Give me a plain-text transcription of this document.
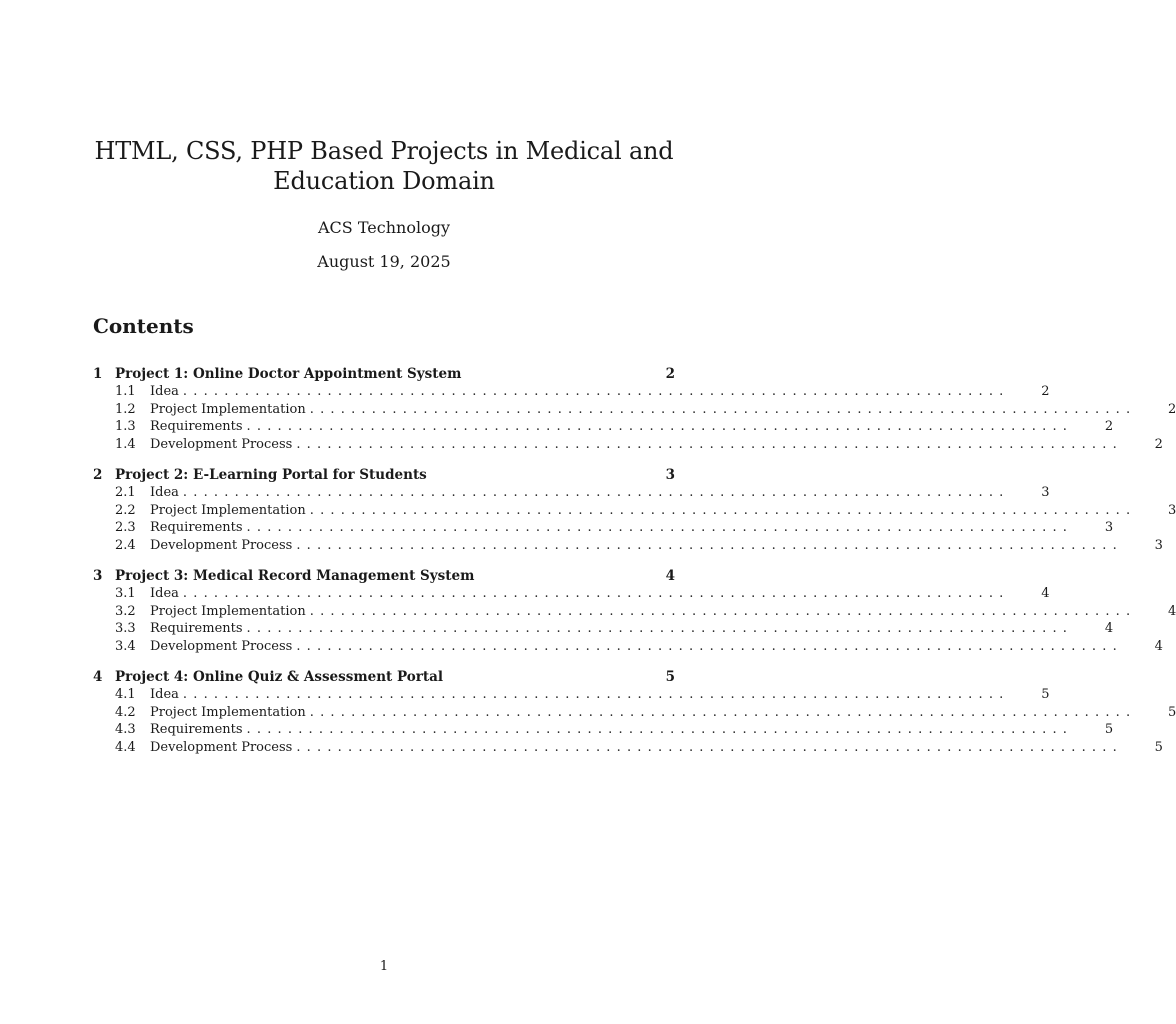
HTML, CSS, PHP Based Projects in Medical and Education Domain
ACS Technology
August 19, 2025
Contents
1 Project 1: Online Doctor Appointment System	2
1.1	Idea ................................................................................	2
1.2	Project Implementation ................................................................................	2
1.3	Requirements ................................................................................	2
1.4	Development Process ................................................................................	2
2 Project 2: E-Learning Portal for Students	3
2.1	Idea ................................................................................	3
2.2	Project Implementation ................................................................................	3
2.3	Requirements ................................................................................	3
2.4	Development Process ................................................................................	3
3 Project 3: Medical Record Management System	4
3.1	Idea ................................................................................	4
3.2	Project Implementation ................................................................................	4
3.3	Requirements ................................................................................	4
3.4	Development Process ................................................................................	4
4 Project 4: Online Quiz & Assessment Portal	5
4.1	Idea ................................................................................	5
4.2	Project Implementation ................................................................................	5
4.3	Requirements ................................................................................	5
4.4	Development Process ................................................................................	5
1
